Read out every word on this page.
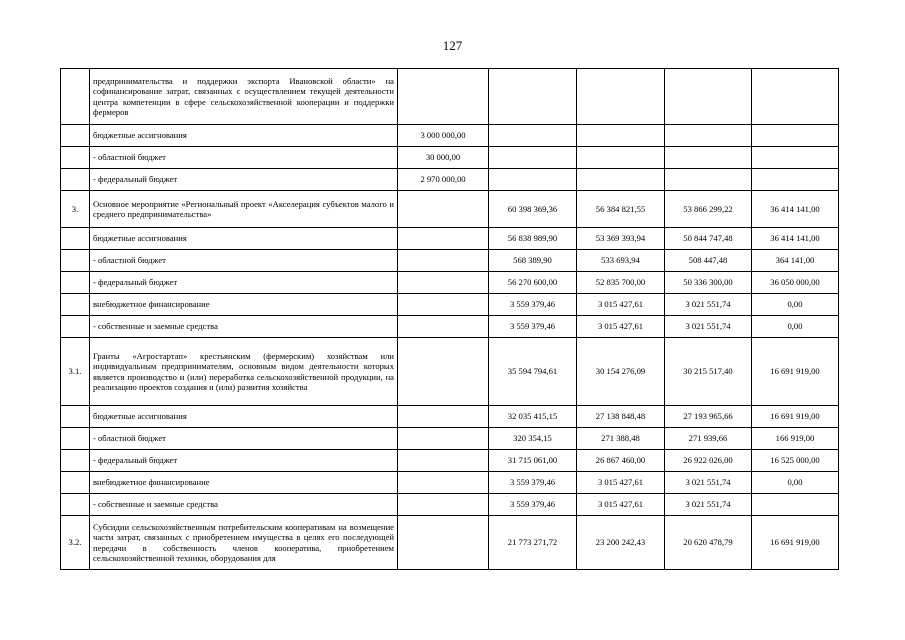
127
	предпринимательства и поддержки экспорта Ивановской области» на софинансирование затрат, связанных с осуществлением текущей деятельности центра компетенции в сфере сельскохозяйственной кооперации и поддержки фермеров					
	бюджетные ассигнования	3 000 000,00				
	- областной бюджет	30 000,00				
	- федеральный бюджет	2 970 000,00				
3.	Основное мероприятие «Региональный проект «Акселерация субъектов малого и среднего предпринимательства»		60 398 369,36	56 384 821,55	53 866 299,22	36 414 141,00
	бюджетные ассигнования		56 838 989,90	53 369 393,94	50 844 747,48	36 414 141,00
	- областной бюджет		568 389,90	533 693,94	508 447,48	364 141,00
	- федеральный бюджет		56 270 600,00	52 835 700,00	50 336 300,00	36 050 000,00
	внебюджетное финансирование		3 559 379,46	3 015 427,61	3 021 551,74	0,00
	- собственные и заемные средства		3 559 379,46	3 015 427,61	3 021 551,74	0,00
3.1.	Гранты «Агростартап» крестьянским (фермерским) хозяйствам или индивидуальным предпринимателям, основным видом деятельности которых является производство и (или) переработка сельскохозяйственной продукции, на реализацию проектов создания и (или) развития хозяйства		35 594 794,61	30 154 276,09	30 215 517,40	16 691 919,00
	бюджетные ассигнования		32 035 415,15	27 138 848,48	27 193 965,66	16 691 919,00
	- областной бюджет		320 354,15	271 388,48	271 939,66	166 919,00
	- федеральный бюджет		31 715 061,00	26 867 460,00	26 922 026,00	16 525 000,00
	внебюджетное финансирование		3 559 379,46	3 015 427,61	3 021 551,74	0,00
	- собственные и заемные средства		3 559 379,46	3 015 427,61	3 021 551,74	
3.2.	Субсидии сельскохозяйственным потребительским кооперативам на возмещение части затрат, связанных с приобретением имущества в целях его последующей передачи в собственность членов кооператива, приобретением сельскохозяйственной техники, оборудования для		21 773 271,72	23 200 242,43	20 620 478,79	16 691 919,00
